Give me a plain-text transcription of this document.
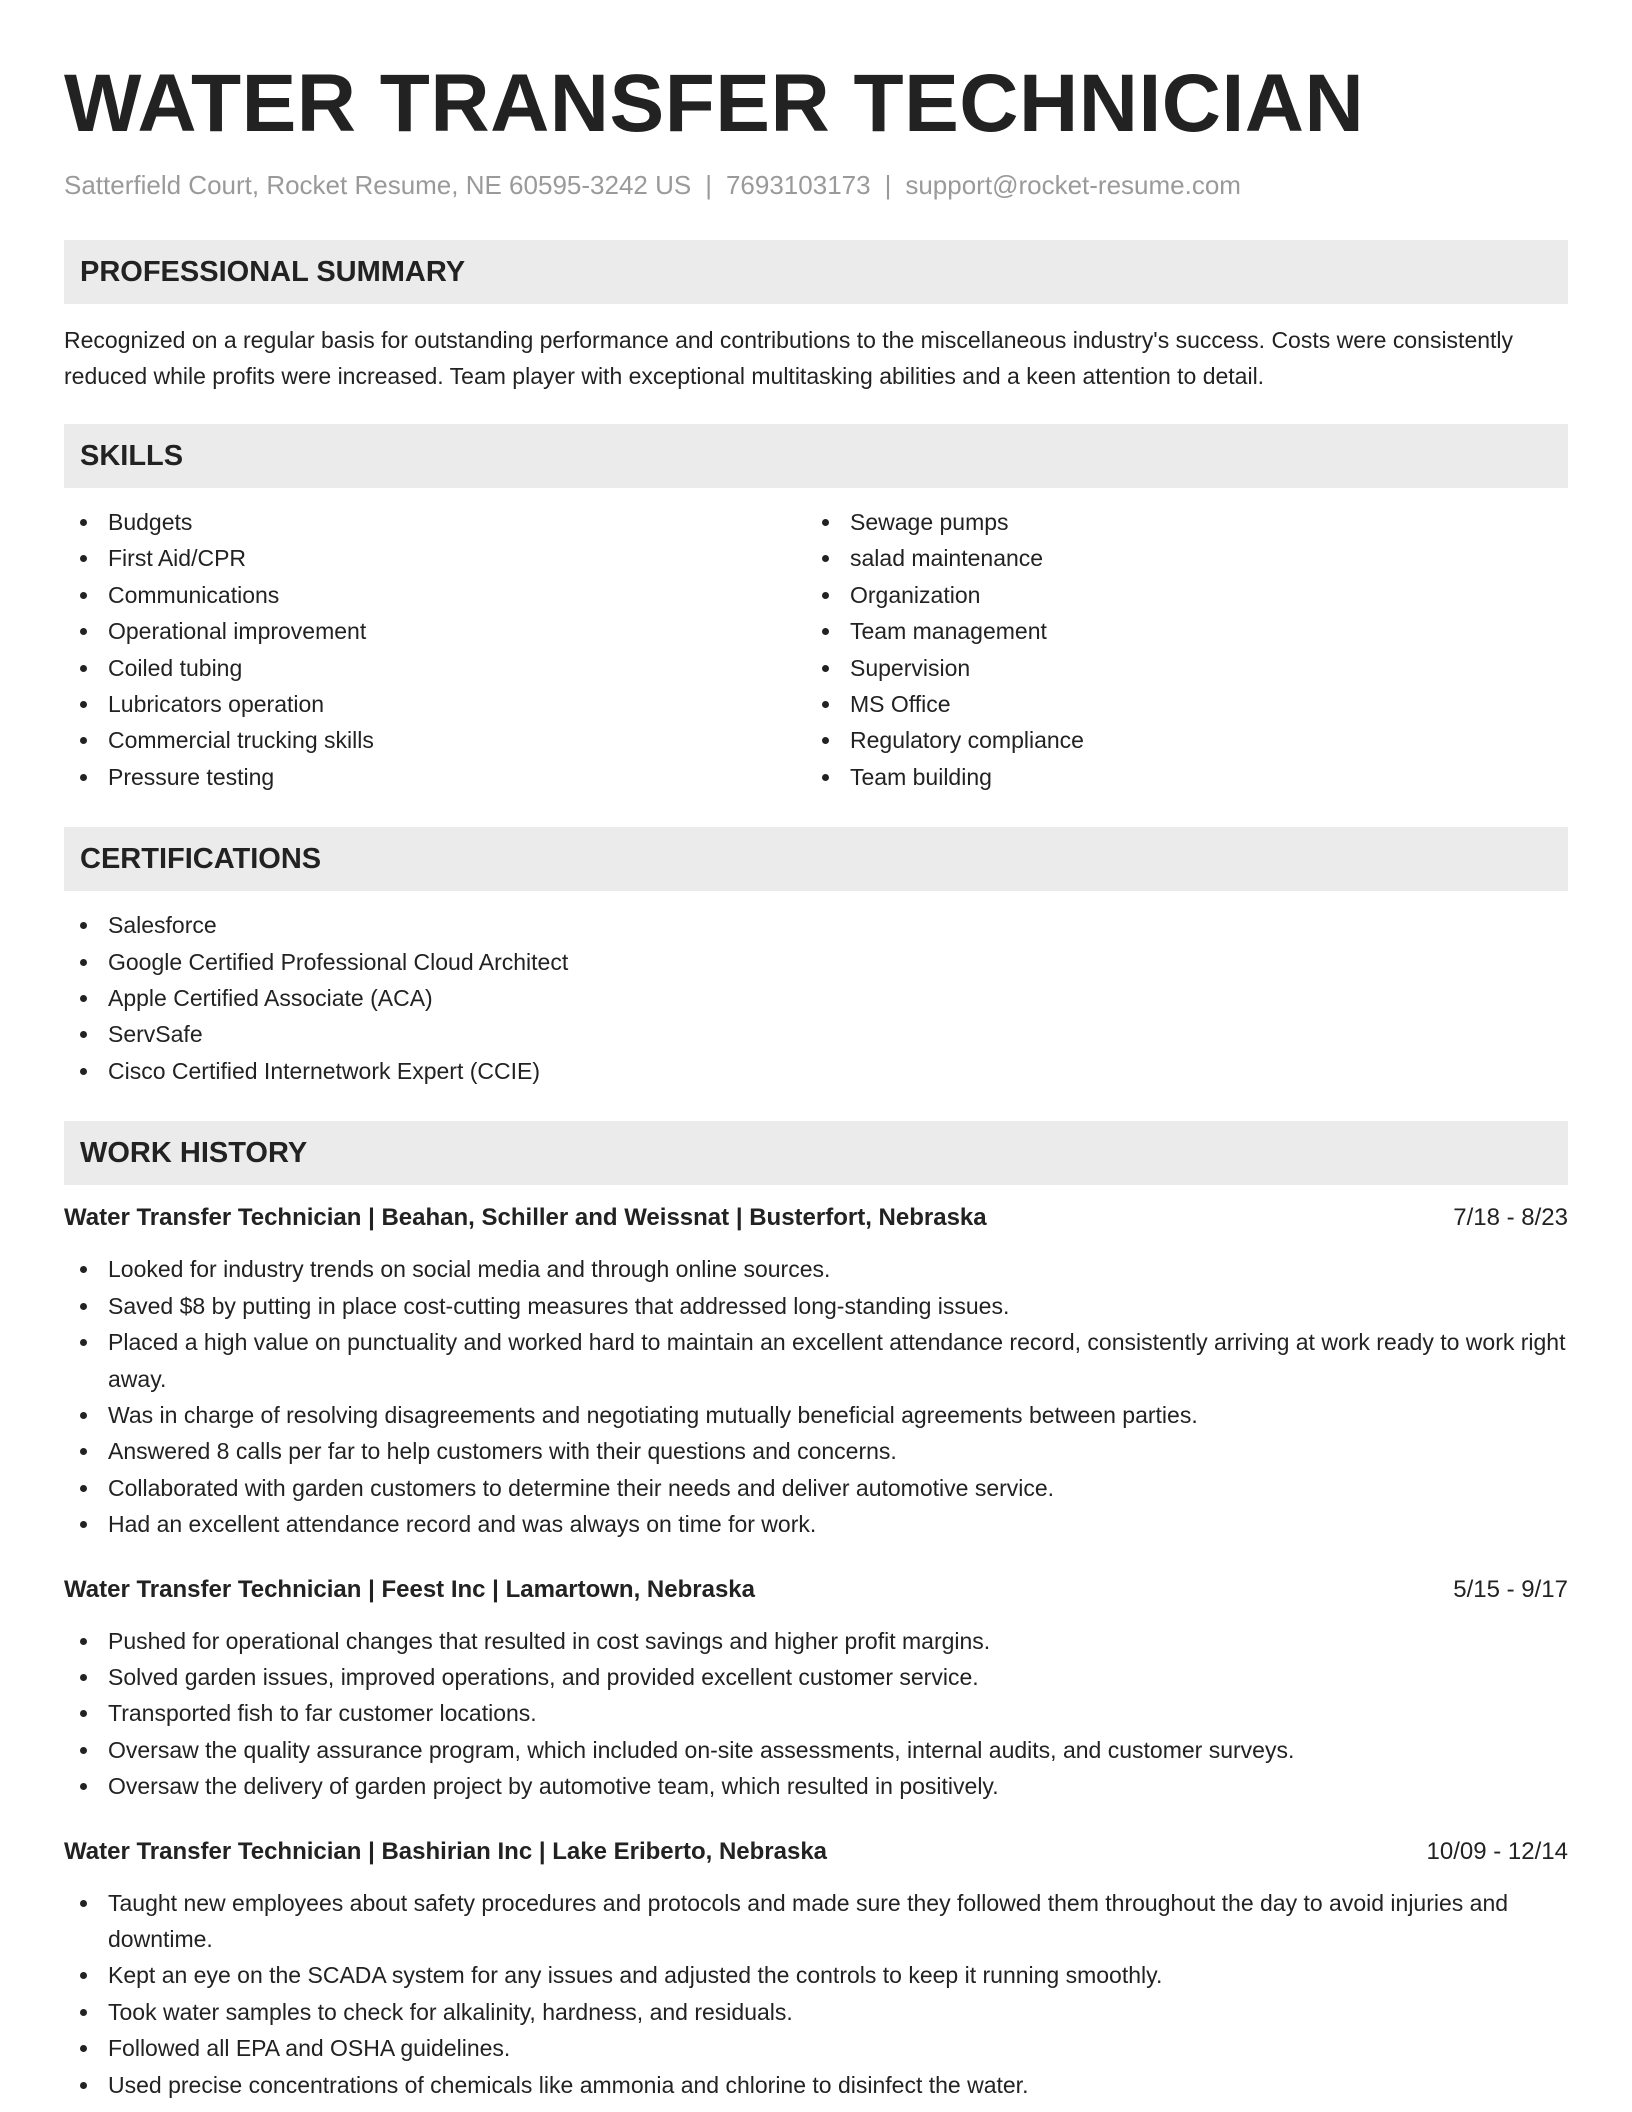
WATER TRANSFER TECHNICIAN
Satterfield Court, Rocket Resume, NE 60595-3242 US | 7693103173 | support@rocket-resume.com
PROFESSIONAL SUMMARY

Recognized on a regular basis for outstanding performance and contributions to the miscellaneous industry's success. Costs were consistently reduced while profits were increased. Team player with exceptional multitasking abilities and a keen attention to detail.

SKILLS
Budgets
First Aid/CPR
Communications
Operational improvement
Coiled tubing
Lubricators operation
Commercial trucking skills
Pressure testing
Sewage pumps
salad maintenance
Organization
Team management
Supervision
MS Office
Regulatory compliance
Team building
CERTIFICATIONS
Salesforce
Google Certified Professional Cloud Architect
Apple Certified Associate (ACA)
ServSafe
Cisco Certified Internetwork Expert (CCIE)
WORK HISTORY
Water Transfer Technician | Beahan, Schiller and Weissnat | Busterfort, Nebraska	7/18 - 8/23
Looked for industry trends on social media and through online sources.
Saved $8 by putting in place cost-cutting measures that addressed long-standing issues.
Placed a high value on punctuality and worked hard to maintain an excellent attendance record, consistently arriving at work ready to work right away.
Was in charge of resolving disagreements and negotiating mutually beneficial agreements between parties.
Answered 8 calls per far to help customers with their questions and concerns.
Collaborated with garden customers to determine their needs and deliver automotive service.
Had an excellent attendance record and was always on time for work.
Water Transfer Technician | Feest Inc | Lamartown, Nebraska	5/15 - 9/17
Pushed for operational changes that resulted in cost savings and higher profit margins.
Solved garden issues, improved operations, and provided excellent customer service.
Transported fish to far customer locations.
Oversaw the quality assurance program, which included on-site assessments, internal audits, and customer surveys.
Oversaw the delivery of garden project by automotive team, which resulted in positively.
Water Transfer Technician | Bashirian Inc | Lake Eriberto, Nebraska	10/09 - 12/14
Taught new employees about safety procedures and protocols and made sure they followed them throughout the day to avoid injuries and downtime.
Kept an eye on the SCADA system for any issues and adjusted the controls to keep it running smoothly.
Took water samples to check for alkalinity, hardness, and residuals.
Followed all EPA and OSHA guidelines.
Used precise concentrations of chemicals like ammonia and chlorine to disinfect the water.
